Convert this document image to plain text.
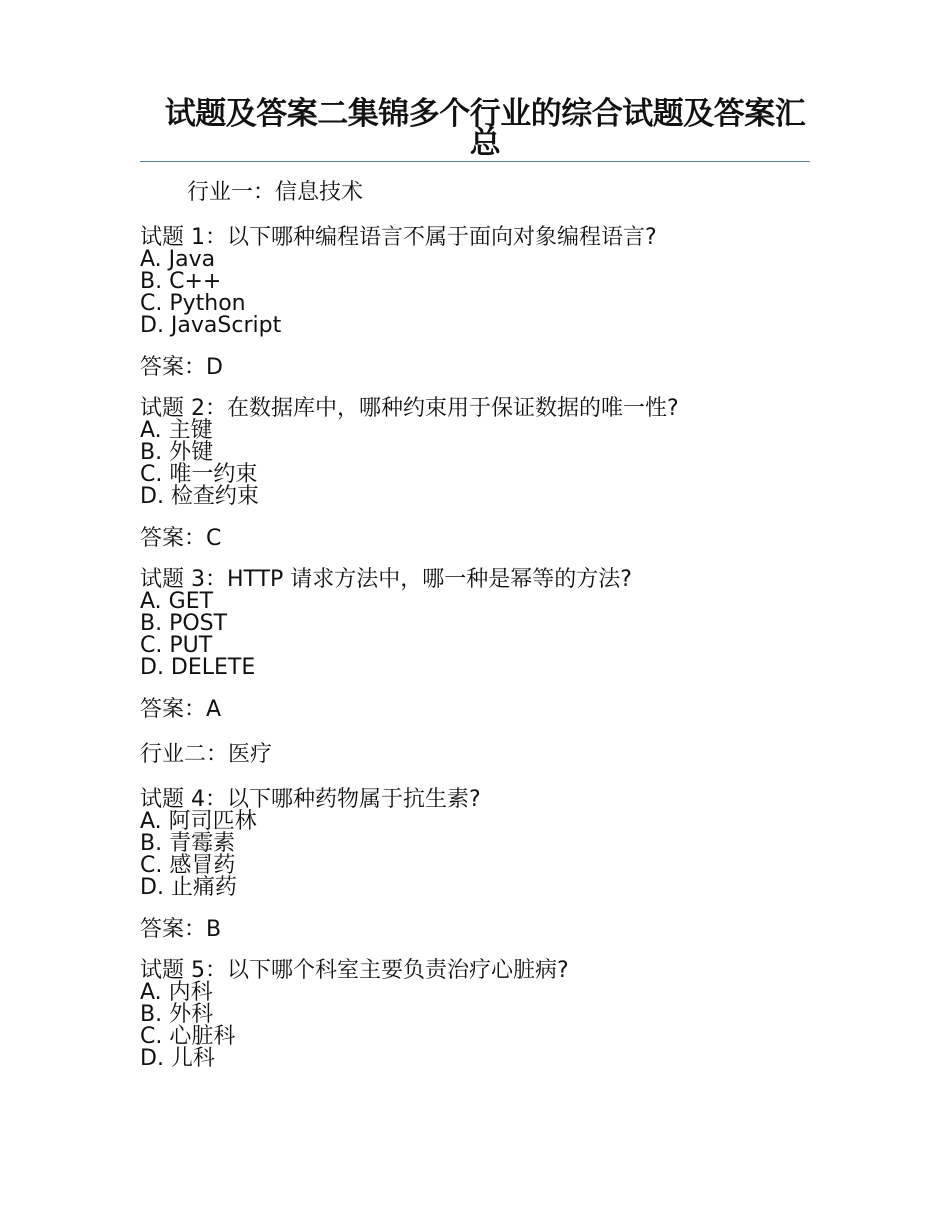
试题及答案二集锦多个行业的综合试题及答案汇总
行业一：信息技术

试题 1：以下哪种编程语言不属于面向对象编程语言?

A. Java
B. C++
C. Python
D. JavaScript

答案：D

试题 2：在数据库中，哪种约束用于保证数据的唯一性?

A. 主键
B. 外键
C. 唯一约束
D. 检查约束

答案：C

试题 3：HTTP 请求方法中，哪一种是幂等的方法?

A. GET
B. POST
C. PUT
D. DELETE

答案：A

行业二：医疗

试题 4：以下哪种药物属于抗生素?

A. 阿司匹林
B. 青霉素
C. 感冒药
D. 止痛药

答案：B

试题 5：以下哪个科室主要负责治疗心脏病?

A. 内科
B. 外科
C. 心脏科
D. 儿科
